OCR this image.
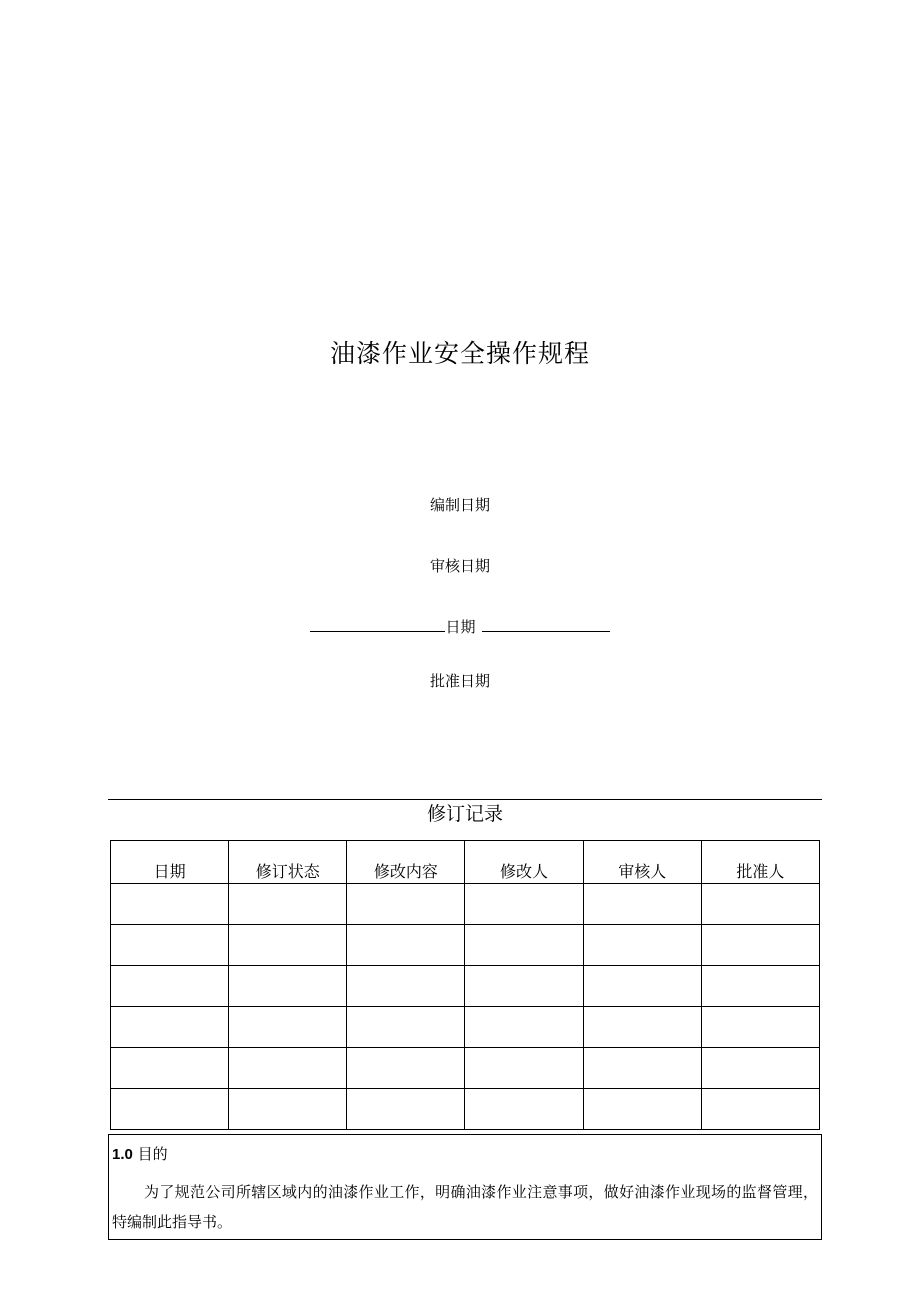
油漆作业安全操作规程
编制日期
审核日期
日期
批准日期
修订记录
日期	修订状态	修改内容	修改人	审核人	批准人

1.0 目的
为了规范公司所辖区域内的油漆作业工作，明确油漆作业注意事项，做好油漆作业现场的监督管理，特编制此指导书。
